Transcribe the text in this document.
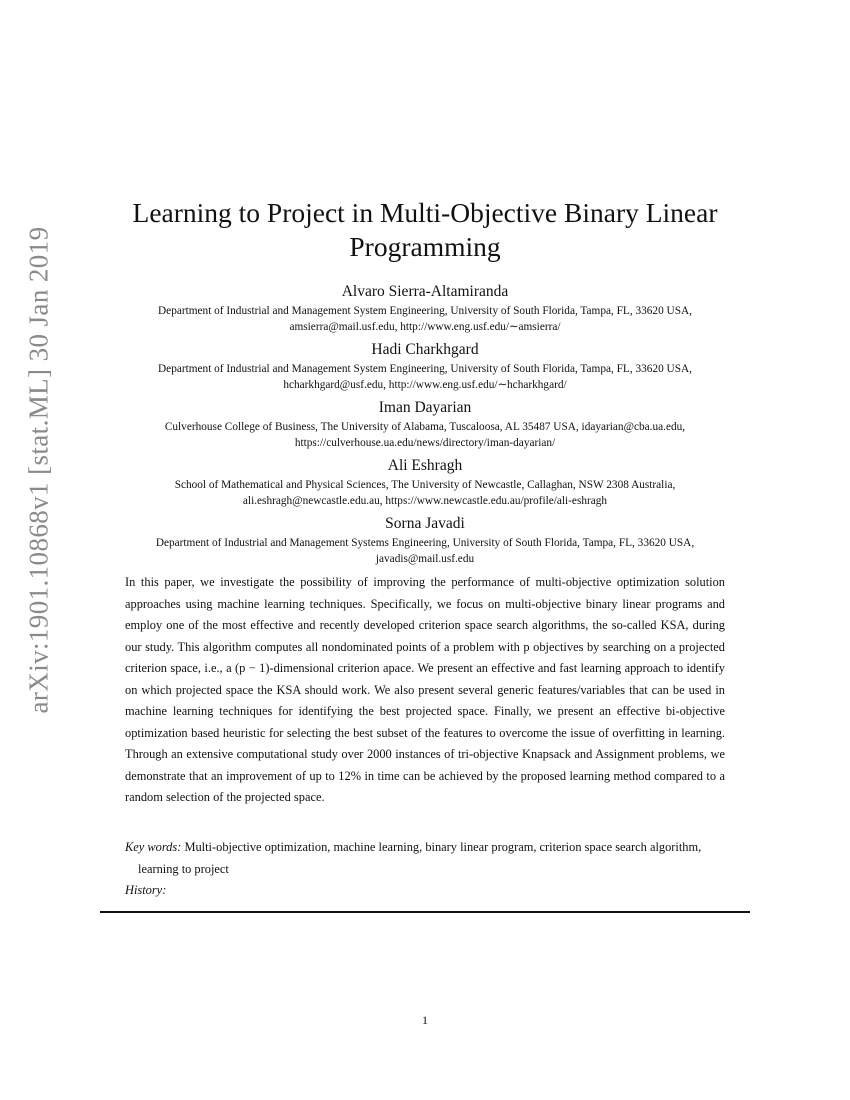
arXiv:1901.10868v1 [stat.ML] 30 Jan 2019
Learning to Project in Multi-Objective Binary Linear
Programming
Alvaro Sierra-Altamiranda
Department of Industrial and Management System Engineering, University of South Florida, Tampa, FL, 33620 USA,
amsierra@mail.usf.edu, http://www.eng.usf.edu/∼amsierra/
Hadi Charkhgard
Department of Industrial and Management System Engineering, University of South Florida, Tampa, FL, 33620 USA,
hcharkhgard@usf.edu, http://www.eng.usf.edu/∼hcharkhgard/
Iman Dayarian
Culverhouse College of Business, The University of Alabama, Tuscaloosa, AL 35487 USA, idayarian@cba.ua.edu,
https://culverhouse.ua.edu/news/directory/iman-dayarian/
Ali Eshragh
School of Mathematical and Physical Sciences, The University of Newcastle, Callaghan, NSW 2308 Australia,
ali.eshragh@newcastle.edu.au, https://www.newcastle.edu.au/profile/ali-eshragh
Sorna Javadi
Department of Industrial and Management Systems Engineering, University of South Florida, Tampa, FL, 33620 USA,
javadis@mail.usf.edu

In this paper, we investigate the possibility of improving the performance of multi-objective optimization solution approaches using machine learning techniques. Specifically, we focus on multi-objective binary linear programs and employ one of the most effective and recently developed criterion space search algorithms, the so-called KSA, during our study. This algorithm computes all nondominated points of a problem with p objectives by searching on a projected criterion space, i.e., a (p − 1)-dimensional criterion apace. We present an effective and fast learning approach to identify on which projected space the KSA should work. We also present several generic features/variables that can be used in machine learning techniques for identifying the best projected space. Finally, we present an effective bi-objective optimization based heuristic for selecting the best subset of the features to overcome the issue of overfitting in learning. Through an extensive computational study over 2000 instances of tri-objective Knapsack and Assignment problems, we demonstrate that an improvement of up to 12% in time can be achieved by the proposed learning method compared to a random selection of the projected space.

Key words: Multi-objective optimization, machine learning, binary linear program, criterion space search algorithm, learning to project

History:
1
